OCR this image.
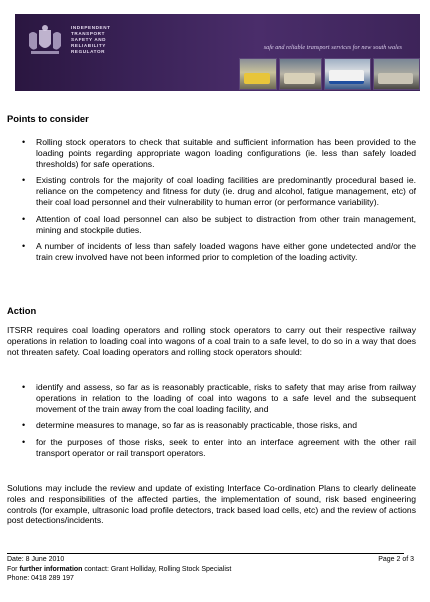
INDEPENDENT
TRANSPORT
SAFETY AND
RELIABILITY
REGULATOR
safe and reliable transport services for new south wales
Points to consider
• Rolling stock operators to check that suitable and sufficient information has been provided to the loading points regarding appropriate wagon loading configurations (ie. less than safely loaded thresholds) for safe operations.
• Existing controls for the majority of coal loading facilities are predominantly procedural based ie. reliance on the competency and fitness for duty (ie. drug and alcohol, fatigue management, etc) of their coal load personnel and their vulnerability to human error (or performance variability).
• Attention of coal load personnel can also be subject to distraction from other train management, mining and stockpile duties.
• A number of incidents of less than safely loaded wagons have either gone undetected and/or the train crew involved have not been informed prior to completion of the loading activity.
Action

ITSRR requires coal loading operators and rolling stock operators to carry out their respective railway operations in relation to loading coal into wagons of a coal train to a safe level, to do so in a way that does not threaten safety. Coal loading operators and rolling stock operators should:

• identify and assess, so far as is reasonably practicable, risks to safety that may arise from railway operations in relation to the loading of coal into wagons to a safe level and the subsequent movement of the train away from the coal loading facility, and
• determine measures to manage, so far as is reasonably practicable, those risks, and
• for the purposes of those risks, seek to enter into an interface agreement with the other rail transport operator or rail transport operators.

Solutions may include the review and update of existing Interface Co-ordination Plans to clearly delineate roles and responsibilities of the affected parties, the implementation of sound, risk based engineering controls (for example, ultrasonic load profile detectors, track based load cells, etc) and the review of actions post detections/incidents.

Date: 8 June 2010	Page 2 of 3
For further information contact: Grant Holliday, Rolling Stock Specialist
Phone: 0418 289 197
